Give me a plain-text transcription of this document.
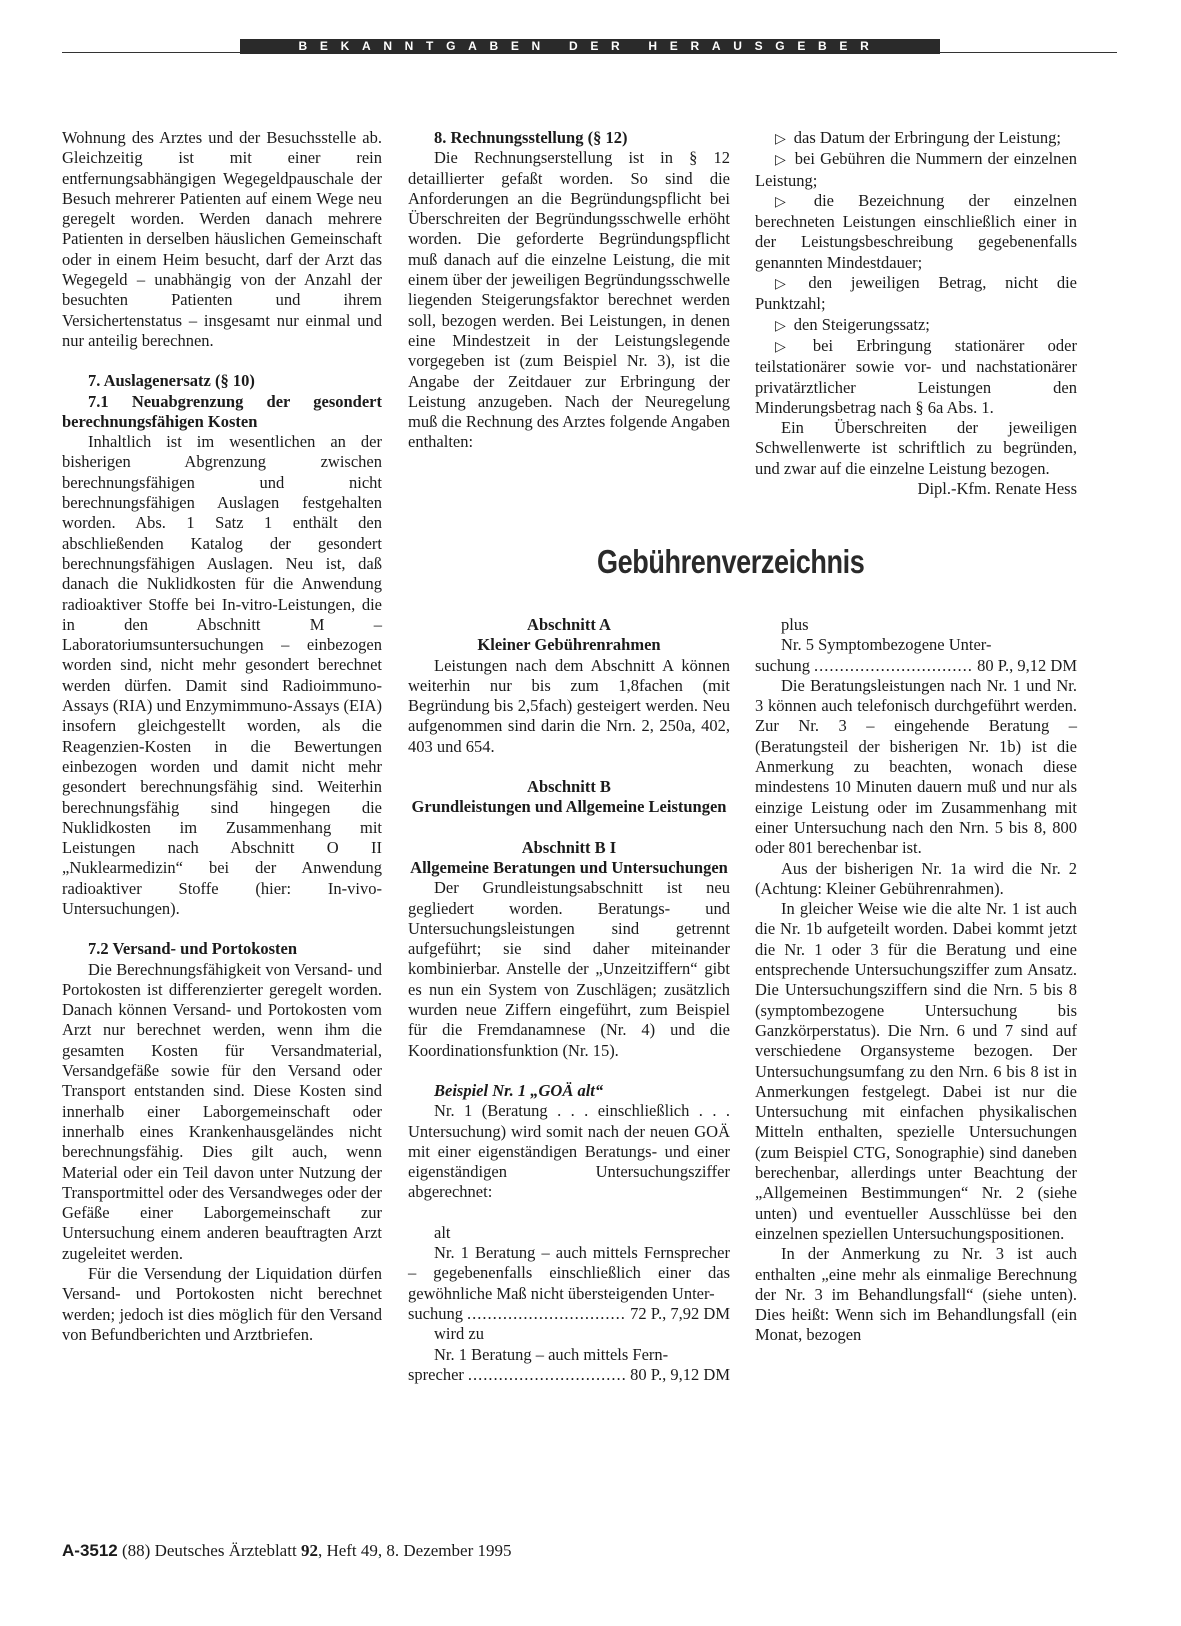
BEKANNTGABEN DER HERAUSGEBER

Wohnung des Arztes und der Besuchsstelle ab. Gleichzeitig ist mit einer rein entfernungsabhängigen Wegegeldpauschale der Besuch mehrerer Patienten auf einem Wege neu geregelt worden. Werden danach mehrere Patienten in derselben häuslichen Gemeinschaft oder in einem Heim besucht, darf der Arzt das Wegegeld – unabhängig von der Anzahl der besuchten Patienten und ihrem Versichertenstatus – insgesamt nur einmal und nur anteilig berechnen.

7. Auslagenersatz (§ 10)

7.1 Neuabgrenzung der gesondert berechnungsfähigen Kosten

Inhaltlich ist im wesentlichen an der bisherigen Abgrenzung zwischen berechnungsfähigen und nicht berechnungsfähigen Auslagen festgehalten worden. Abs. 1 Satz 1 enthält den abschließenden Katalog der gesondert berechnungsfähigen Auslagen. Neu ist, daß danach die Nuklidkosten für die Anwendung radioaktiver Stoffe bei In-vitro-Leistungen, die in den Abschnitt M – Laboratoriumsuntersuchungen – einbezogen worden sind, nicht mehr gesondert berechnet werden dürfen. Damit sind Radioimmuno-Assays (RIA) und Enzymimmuno-Assays (EIA) insofern gleichgestellt worden, als die Reagenzien-Kosten in die Bewertungen einbezogen worden und damit nicht mehr gesondert berechnungsfähig sind. Weiterhin berechnungsfähig sind hingegen die Nuklidkosten im Zusammenhang mit Leistungen nach Abschnitt O II „Nuklearmedizin“ bei der Anwendung radioaktiver Stoffe (hier: In-vivo-Untersuchungen).

7.2 Versand- und Portokosten

Die Berechnungsfähigkeit von Versand- und Portokosten ist differenzierter geregelt worden. Danach können Versand- und Portokosten vom Arzt nur berechnet werden, wenn ihm die gesamten Kosten für Versandmaterial, Versandgefäße sowie für den Versand oder Transport entstanden sind. Diese Kosten sind innerhalb einer Laborgemeinschaft oder innerhalb eines Krankenhausgeländes nicht berechnungsfähig. Dies gilt auch, wenn Material oder ein Teil davon unter Nutzung der Transportmittel oder des Versandweges oder der Gefäße einer Laborgemeinschaft zur Untersuchung einem anderen beauftragten Arzt zugeleitet werden.

Für die Versendung der Liquidation dürfen Versand- und Portokosten nicht berechnet werden; jedoch ist dies möglich für den Versand von Befundberichten und Arztbriefen.

8. Rechnungsstellung (§ 12)

Die Rechnungserstellung ist in § 12 detaillierter gefaßt worden. So sind die Anforderungen an die Begründungspflicht bei Überschreiten der Begründungsschwelle erhöht worden. Die geforderte Begründungspflicht muß danach auf die einzelne Leistung, die mit einem über der jeweiligen Begründungsschwelle liegenden Steigerungsfaktor berechnet werden soll, bezogen werden. Bei Leistungen, in denen eine Mindestzeit in der Leistungslegende vorgegeben ist (zum Beispiel Nr. 3), ist die Angabe der Zeitdauer zur Erbringung der Leistung anzugeben. Nach der Neuregelung muß die Rechnung des Arztes folgende Angaben enthalten:

▷ das Datum der Erbringung der Leistung;

▷ bei Gebühren die Nummern der einzelnen Leistung;

▷ die Bezeichnung der einzelnen berechneten Leistungen einschließlich einer in der Leistungsbeschreibung gegebenenfalls genannten Mindestdauer;

▷ den jeweiligen Betrag, nicht die Punktzahl;

▷ den Steigerungssatz;

▷ bei Erbringung stationärer oder teilstationärer sowie vor- und nachstationärer privatärztlicher Leistungen den Minderungsbetrag nach § 6a Abs. 1.

Ein Überschreiten der jeweiligen Schwellenwerte ist schriftlich zu begründen, und zwar auf die einzelne Leistung bezogen.
Dipl.-Kfm. Renate Hess

Gebührenverzeichnis

Abschnitt A

Kleiner Gebührenrahmen

Leistungen nach dem Abschnitt A können weiterhin nur bis zum 1,8fachen (mit Begründung bis 2,5fach) gesteigert werden. Neu aufgenommen sind darin die Nrn. 2, 250a, 402, 403 und 654.

Abschnitt B

Grundleistungen und Allgemeine Leistungen

Abschnitt B I

Allgemeine Beratungen und Untersuchungen

Der Grundleistungsabschnitt ist neu gegliedert worden. Beratungs- und Untersuchungsleistungen sind getrennt aufgeführt; sie sind daher miteinander kombinierbar. Anstelle der „Unzeitziffern“ gibt es nun ein System von Zuschlägen; zusätzlich wurden neue Ziffern eingeführt, zum Beispiel für die Fremdanamnese (Nr. 4) und die Koordinationsfunktion (Nr. 15).

Beispiel Nr. 1 „GOÄ alt“

Nr. 1 (Beratung . . . einschließlich . . . Untersuchung) wird somit nach der neuen GOÄ mit einer eigenständigen Beratungs- und einer eigenständigen Untersuchungsziffer abgerechnet:

alt

Nr. 1 Beratung – auch mittels Fernsprecher – gegebenenfalls einschließlich einer das gewöhnliche Maß nicht übersteigenden Unter-

suchung .....	72 P., 7,92 DM

wird zu

Nr. 1 Beratung – auch mittels Fern-

sprecher .....	80 P., 9,12 DM

plus

Nr. 5 Symptombezogene Unter-

suchung .....	80 P., 9,12 DM

Die Beratungsleistungen nach Nr. 1 und Nr. 3 können auch telefonisch durchgeführt werden. Zur Nr. 3 – eingehende Beratung – (Beratungsteil der bisherigen Nr. 1b) ist die Anmerkung zu beachten, wonach diese mindestens 10 Minuten dauern muß und nur als einzige Leistung oder im Zusammenhang mit einer Untersuchung nach den Nrn. 5 bis 8, 800 oder 801 berechenbar ist.

Aus der bisherigen Nr. 1a wird die Nr. 2 (Achtung: Kleiner Gebührenrahmen).

In gleicher Weise wie die alte Nr. 1 ist auch die Nr. 1b aufgeteilt worden. Dabei kommt jetzt die Nr. 1 oder 3 für die Beratung und eine entsprechende Untersuchungsziffer zum Ansatz. Die Untersuchungsziffern sind die Nrn. 5 bis 8 (symptombezogene Untersuchung bis Ganzkörperstatus). Die Nrn. 6 und 7 sind auf verschiedene Organsysteme bezogen. Der Untersuchungsumfang zu den Nrn. 6 bis 8 ist in Anmerkungen festgelegt. Dabei ist nur die Untersuchung mit einfachen physikalischen Mitteln enthalten, spezielle Untersuchungen (zum Beispiel CTG, Sonographie) sind daneben berechenbar, allerdings unter Beachtung der „Allgemeinen Bestimmungen“ Nr. 2 (siehe unten) und eventueller Ausschlüsse bei den einzelnen speziellen Untersuchungspositionen.

In der Anmerkung zu Nr. 3 ist auch enthalten „eine mehr als einmalige Berechnung der Nr. 3 im Behandlungsfall“ (siehe unten). Dies heißt: Wenn sich im Behandlungsfall (ein Monat, bezogen

A-3512 (88) Deutsches Ärzteblatt 92, Heft 49, 8. Dezember 1995
